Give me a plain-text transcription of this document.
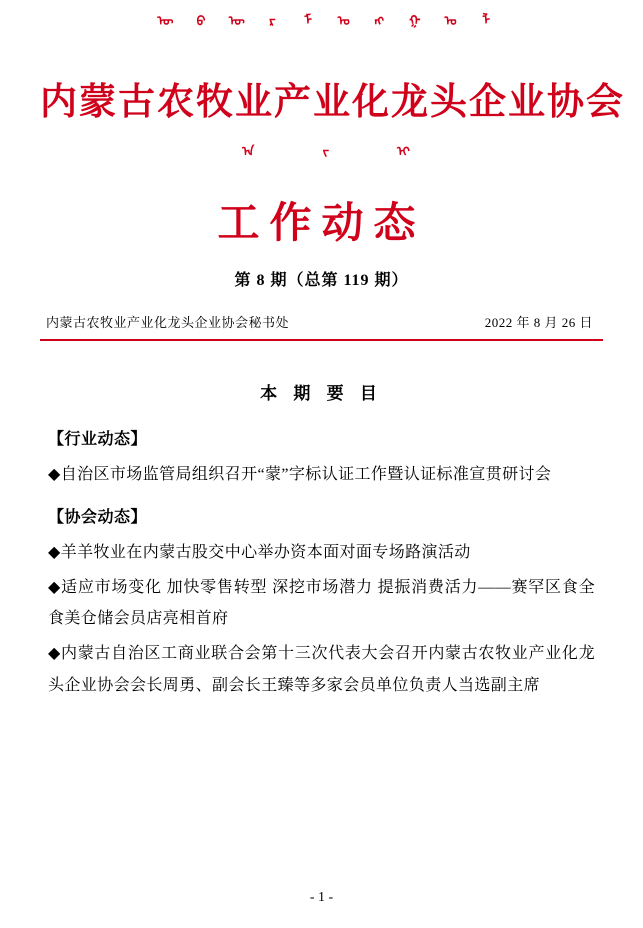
ᠦ ᠪ ᠥ ᠷ ᠮ ᠣ ᠩ ᠭ ᠣ ᠯ
内蒙古农牧业产业化龙头企业协会
ᠠ	ᠵ	ᠢ
工作动态
第 8 期（总第 119 期）
内蒙古农牧业产业化龙头企业协会秘书处	2022 年 8 月 26 日
本 期 要 目
【行业动态】

◆自治区市场监管局组织召开“蒙”字标认证工作暨认证标准宣贯研讨会

【协会动态】

◆羊羊牧业在内蒙古股交中心举办资本面对面专场路演活动

◆适应市场变化 加快零售转型 深挖市场潜力 提振消费活力——赛罕区食全食美仓储会员店亮相首府

◆内蒙古自治区工商业联合会第十三次代表大会召开内蒙古农牧业产业化龙头企业协会会长周勇、副会长王臻等多家会员单位负责人当选副主席

- 1 -
